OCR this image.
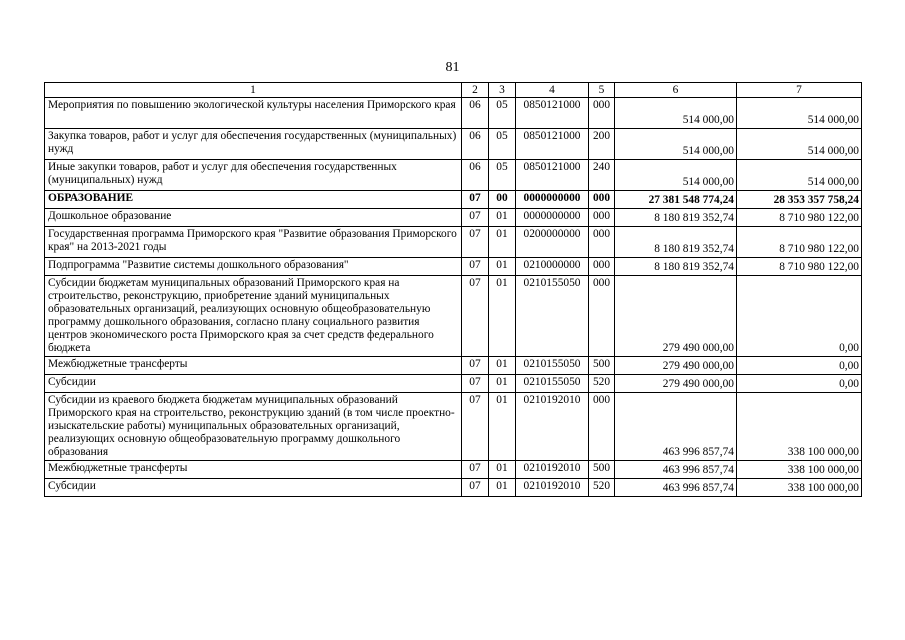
81
1	2	3	4	5	6	7
Мероприятия по повышению экологической культуры населения Приморского края	06	05	0850121000	000	514 000,00	514 000,00
Закупка товаров, работ и услуг для обеспечения государственных (муниципальных) нужд	06	05	0850121000	200	514 000,00	514 000,00
Иные закупки товаров, работ и услуг для обеспечения государственных (муниципальных) нужд	06	05	0850121000	240	514 000,00	514 000,00
ОБРАЗОВАНИЕ	07	00	0000000000	000	27 381 548 774,24	28 353 357 758,24
Дошкольное образование	07	01	0000000000	000	8 180 819 352,74	8 710 980 122,00
Государственная программа Приморского края "Развитие образования Приморского края" на 2013-2021 годы	07	01	0200000000	000	8 180 819 352,74	8 710 980 122,00
Подпрограмма "Развитие системы дошкольного образования"	07	01	0210000000	000	8 180 819 352,74	8 710 980 122,00
Субсидии бюджетам муниципальных образований Приморского края на строительство, реконструкцию, приобретение зданий муниципальных образовательных организаций, реализующих основную общеобразовательную программу дошкольного образования, согласно плану социального развития центров экономического роста Приморского края за счет средств федерального бюджета	07	01	0210155050	000	279 490 000,00	0,00
Межбюджетные трансферты	07	01	0210155050	500	279 490 000,00	0,00
Субсидии	07	01	0210155050	520	279 490 000,00	0,00
Субсидии из краевого бюджета бюджетам муниципальных образований Приморского края на строительство, реконструкцию зданий (в том числе проектно-изыскательские работы) муниципальных образовательных организаций, реализующих основную общеобразовательную программу дошкольного образования	07	01	0210192010	000	463 996 857,74	338 100 000,00
Межбюджетные трансферты	07	01	0210192010	500	463 996 857,74	338 100 000,00
Субсидии	07	01	0210192010	520	463 996 857,74	338 100 000,00
